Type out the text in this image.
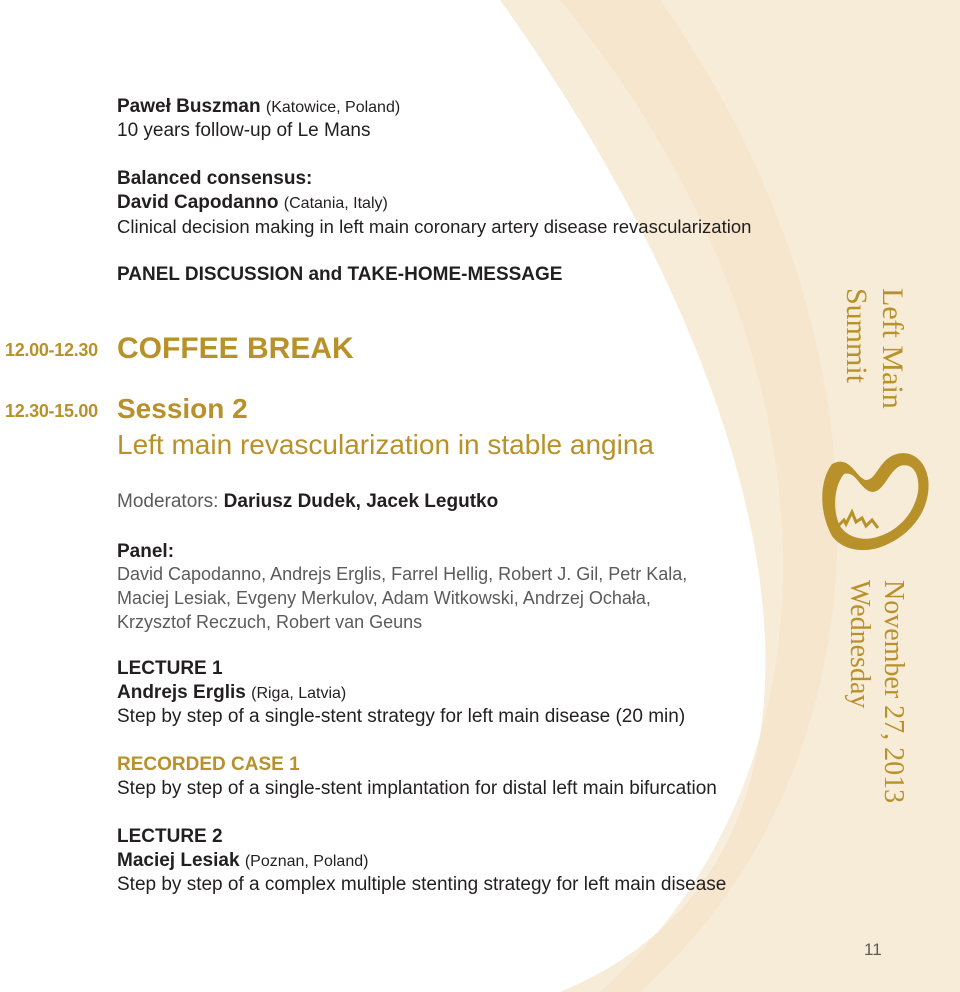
Paweł Buszman (Katowice, Poland)
10 years follow-up of Le Mans
Balanced consensus:
David Capodanno (Catania, Italy)
Clinical decision making in left main coronary artery disease revascularization
PANEL DISCUSSION and TAKE-HOME-MESSAGE
12.00-12.30 COFFEE BREAK
12.30-15.00 Session 2
Left main revascularization in stable angina
Moderators: Dariusz Dudek, Jacek Legutko
Panel:
David Capodanno, Andrejs Erglis, Farrel Hellig, Robert J. Gil, Petr Kala,
Maciej Lesiak, Evgeny Merkulov, Adam Witkowski, Andrzej Ochała,
Krzysztof Reczuch, Robert van Geuns
LECTURE 1
Andrejs Erglis (Riga, Latvia)
Step by step of a single-stent strategy for left main disease (20 min)
RECORDED CASE 1
Step by step of a single-stent implantation for distal left main bifurcation
LECTURE 2
Maciej Lesiak (Poznan, Poland)
Step by step of a complex multiple stenting strategy for left main disease
Left Main
Summit
November 27, 2013
Wednesday
11
